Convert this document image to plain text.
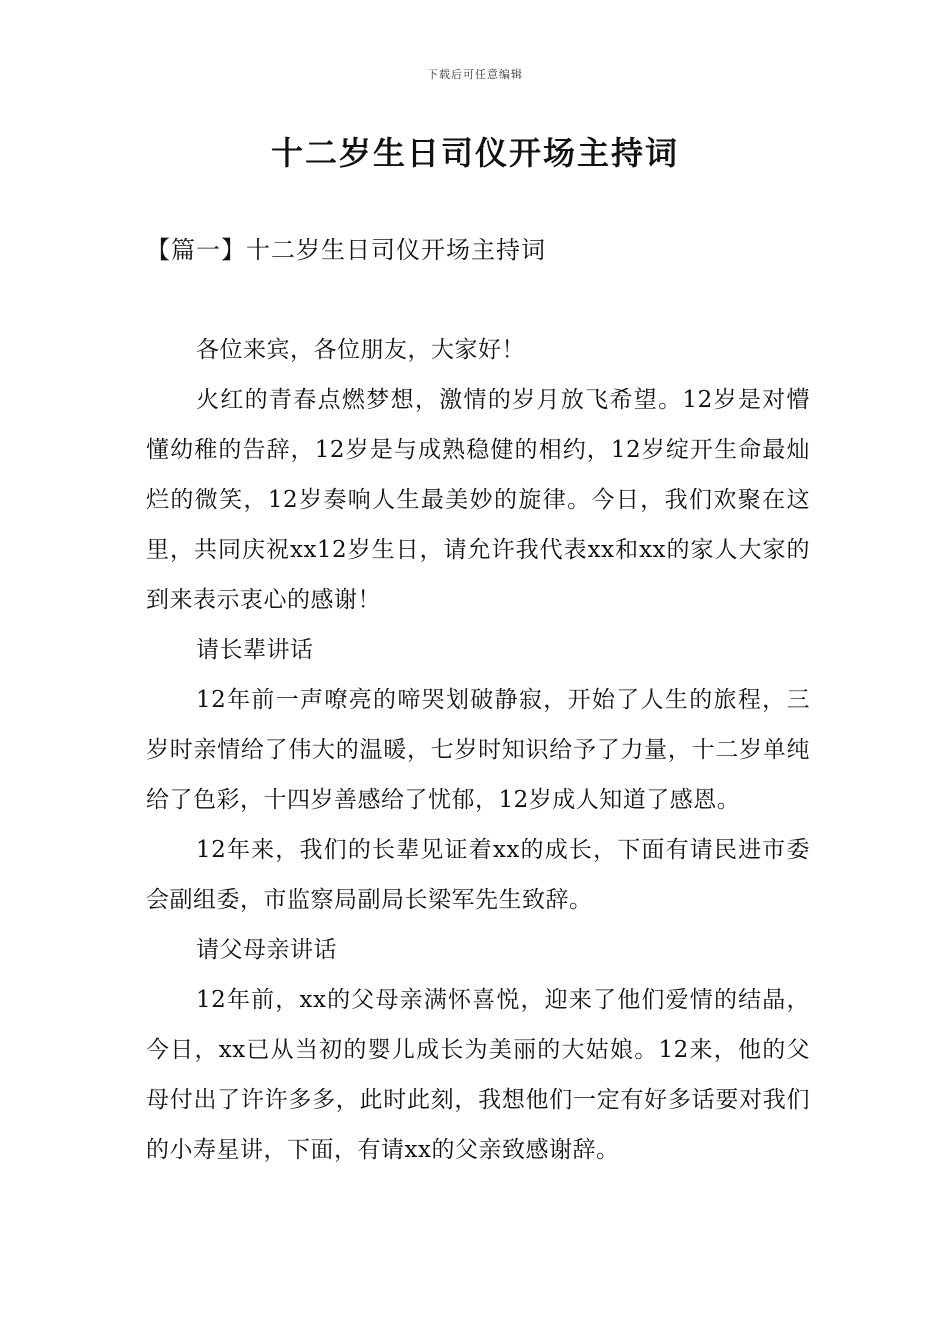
下载后可任意编辑
十二岁生日司仪开场主持词
【篇一】十二岁生日司仪开场主持词

各位来宾，各位朋友，大家好！

火红的青春点燃梦想，激情的岁月放飞希望。12岁是对懵懂幼稚的告辞，12岁是与成熟稳健的相约，12岁绽开生命最灿烂的微笑，12岁奏响人生最美妙的旋律。今日，我们欢聚在这里，共同庆祝xx12岁生日，请允许我代表xx和xx的家人大家的到来表示衷心的感谢！

请长辈讲话

12年前一声嘹亮的啼哭划破静寂，开始了人生的旅程，三岁时亲情给了伟大的温暖，七岁时知识给予了力量，十二岁单纯给了色彩，十四岁善感给了忧郁，12岁成人知道了感恩。

12年来，我们的长辈见证着xx的成长，下面有请民进市委会副组委，市监察局副局长梁军先生致辞。

请父母亲讲话

12年前，xx的父母亲满怀喜悦，迎来了他们爱情的结晶，今日，xx已从当初的婴儿成长为美丽的大姑娘。12来，他的父母付出了许许多多，此时此刻，我想他们一定有好多话要对我们的小寿星讲，下面，有请xx的父亲致感谢辞。
